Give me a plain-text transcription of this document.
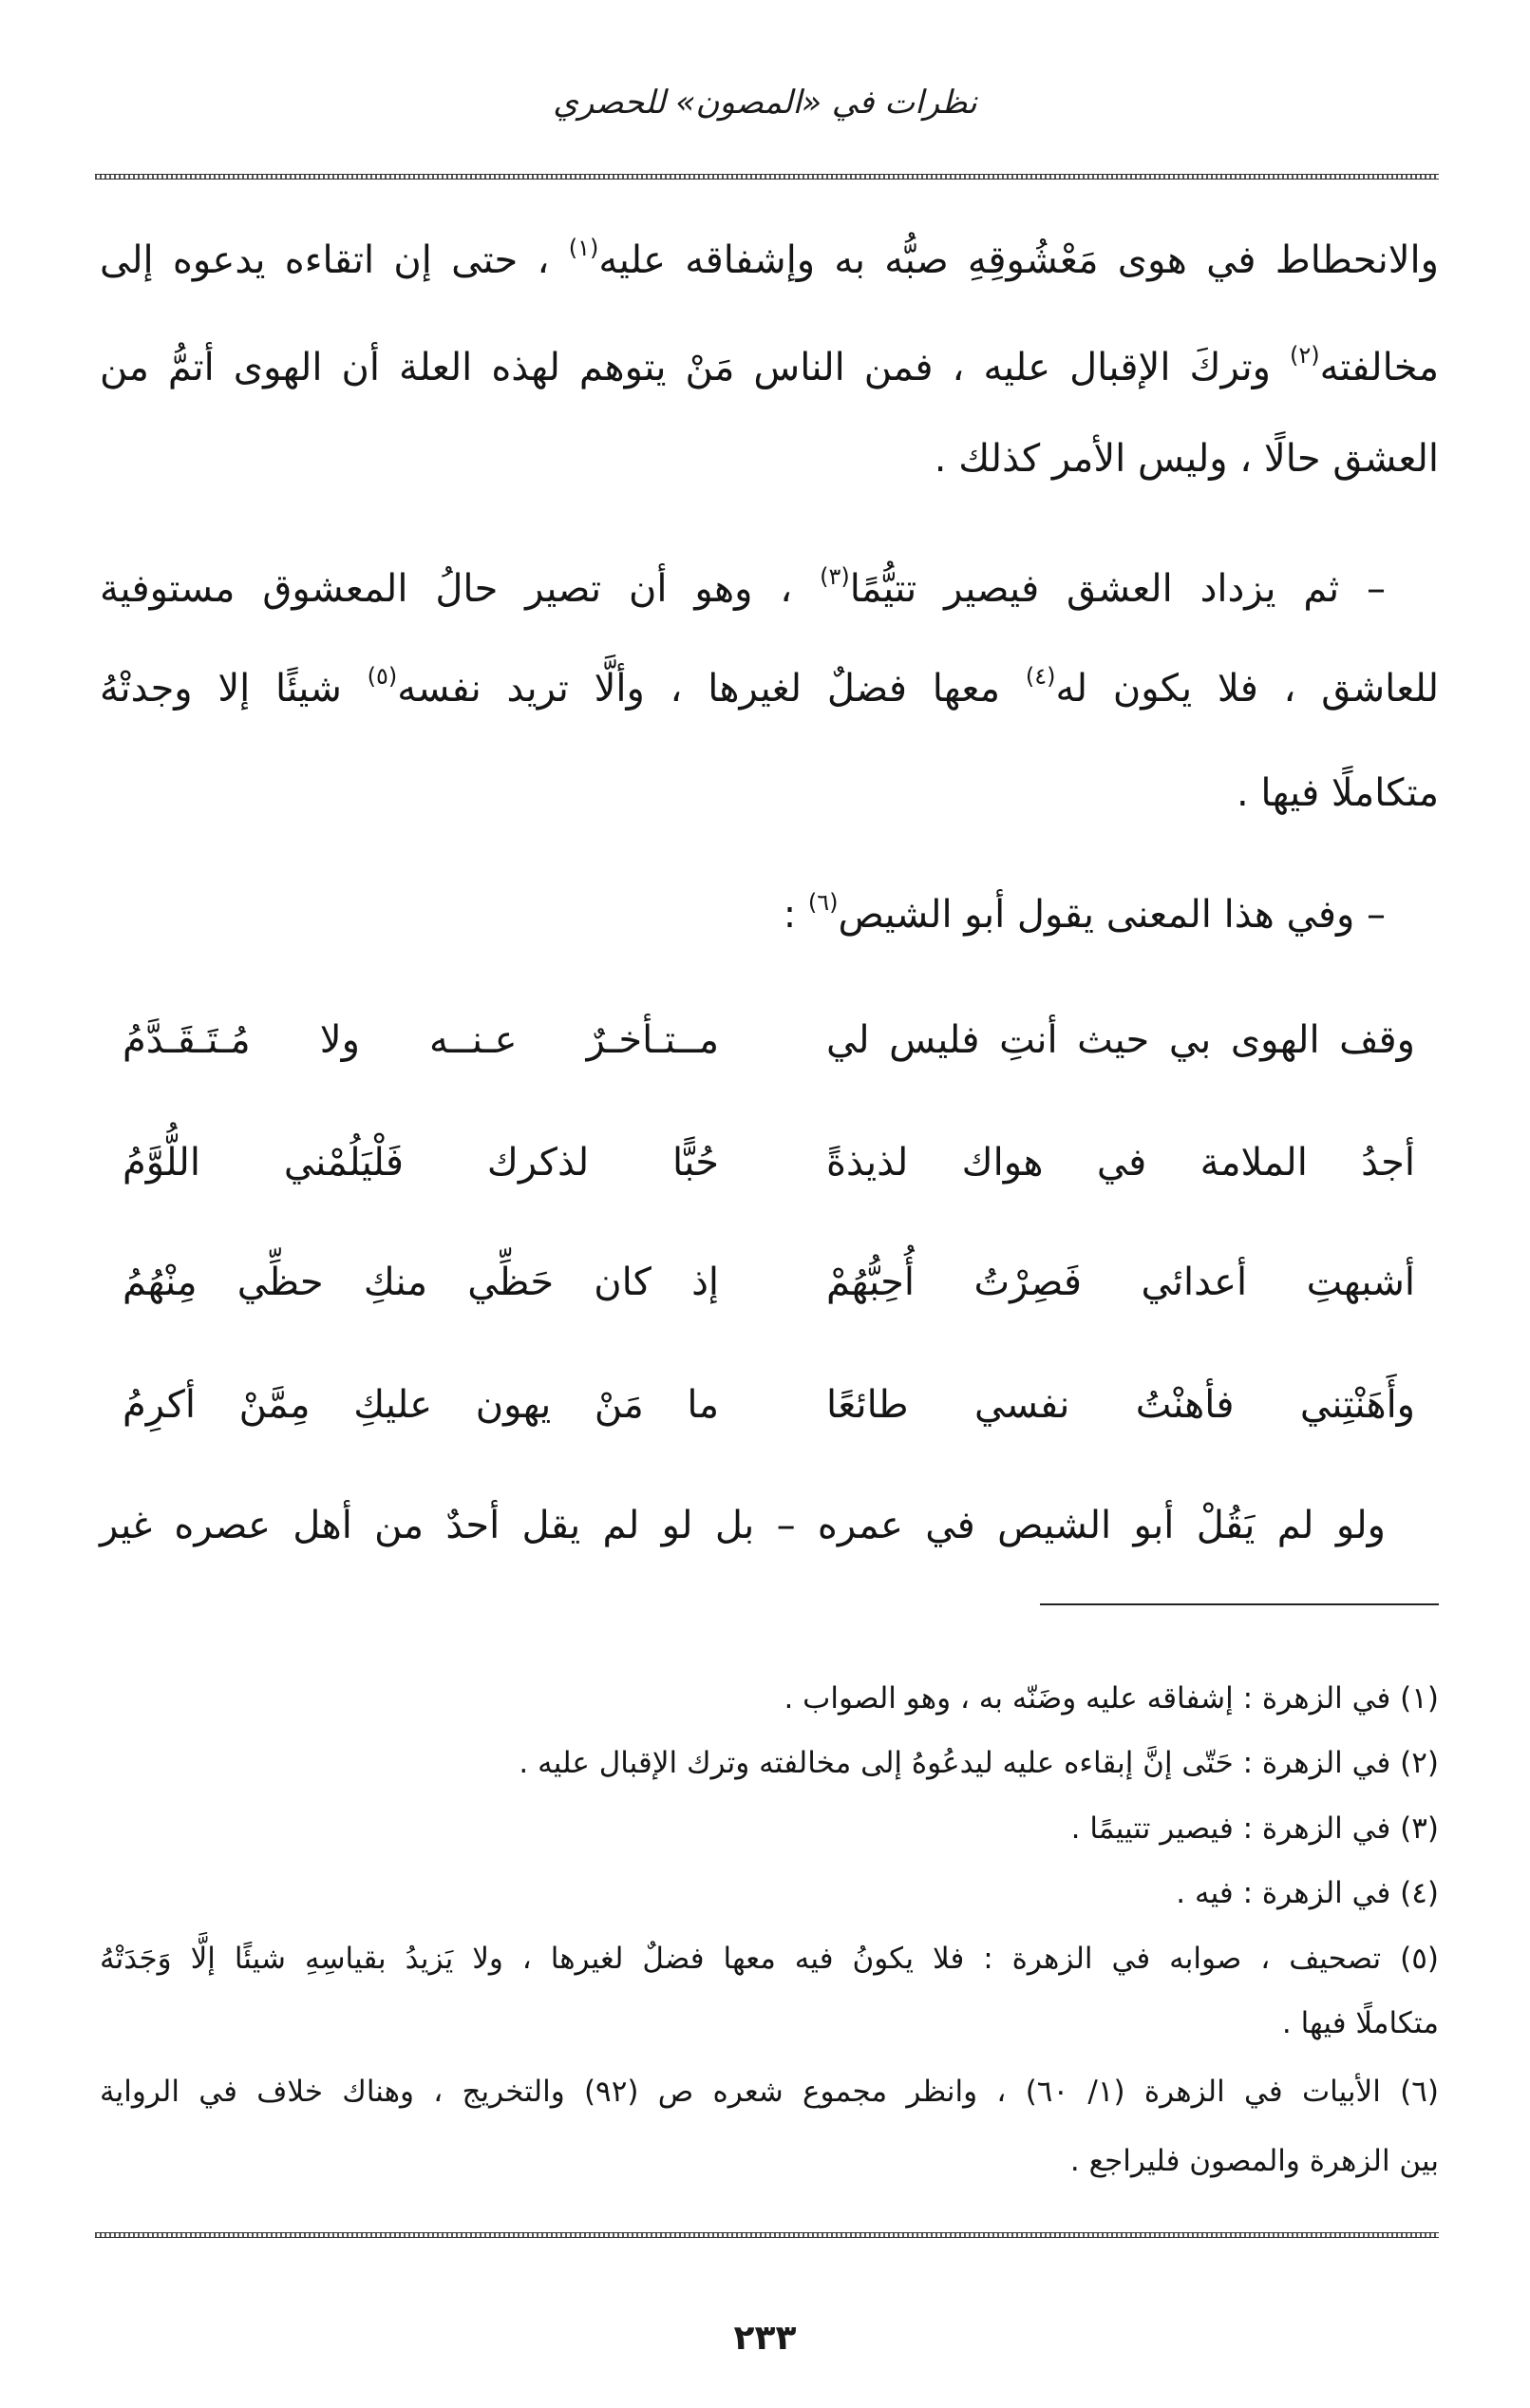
نظرات في «المصون» للحصري
والانحطاط في هوى مَعْشُوقِهِ صبُّه به وإشفاقه عليه$^{(١)}$ ، حتى إن اتقاءه يدعوه إلى
مخالفته$^{(٢)}$ وتركَ الإقبال عليه ، فمن الناس مَنْ يتوهم لهذه العلة أن الهوى أتمُّ من
العشق حالًا ، وليس الأمر كذلك .
– ثم يزداد العشق فيصير تتيُّمًا$^{(٣)}$ ، وهو أن تصير حالُ المعشوق مستوفية
للعاشق ، فلا يكون له$^{(٤)}$ معها فضلٌ لغيرها ، وألَّا تريد نفسه$^{(٥)}$ شيئًا إلا وجدتْهُ
متكاملًا فيها .
– وفي هذا المعنى يقول أبو الشيص$^{(٦)}$ :
وقف الهوى بي حيث أنتِ فليس لي
مــتـأخـرٌ عـنــه ولا مُـتَـقَـدَّمُ
أجدُ الملامة في هواك لذيذةً
حُبًّا لذكرك فَلْيَلُمْني اللُّوَّمُ
أشبهتِ أعدائي فَصِرْتُ أُحِبُّهُمْ
إذ كان حَظِّي منكِ حظِّي مِنْهُمُ
وأَهَنْتِني فأهنْتُ نفسي طائعًا
ما مَنْ يهون عليكِ مِمَّنْ أكرِمُ
ولو لم يَقُلْ أبو الشيص في عمره – بل لو لم يقل أحدٌ من أهل عصره غير
(١) في الزهرة : إشفاقه عليه وضَنّه به ، وهو الصواب .
(٢) في الزهرة : حَتّى إنَّ إبقاءه عليه ليدعُوهُ إلى مخالفته وترك الإقبال عليه .
(٣) في الزهرة : فيصير تتييمًا .
(٤) في الزهرة : فيه .
(٥) تصحيف ، صوابه في الزهرة : فلا يكونُ فيه معها فضلٌ لغيرها ، ولا يَزيدُ بقياسِهِ شيئًا إلَّا وَجَدَتْهُ
متكاملًا فيها .
(٦) الأبيات في الزهرة (١/ ٦٠) ، وانظر مجموع شعره ص (٩٢) والتخريج ، وهناك خلاف في الرواية
بين الزهرة والمصون فليراجع .
٢٣٣
